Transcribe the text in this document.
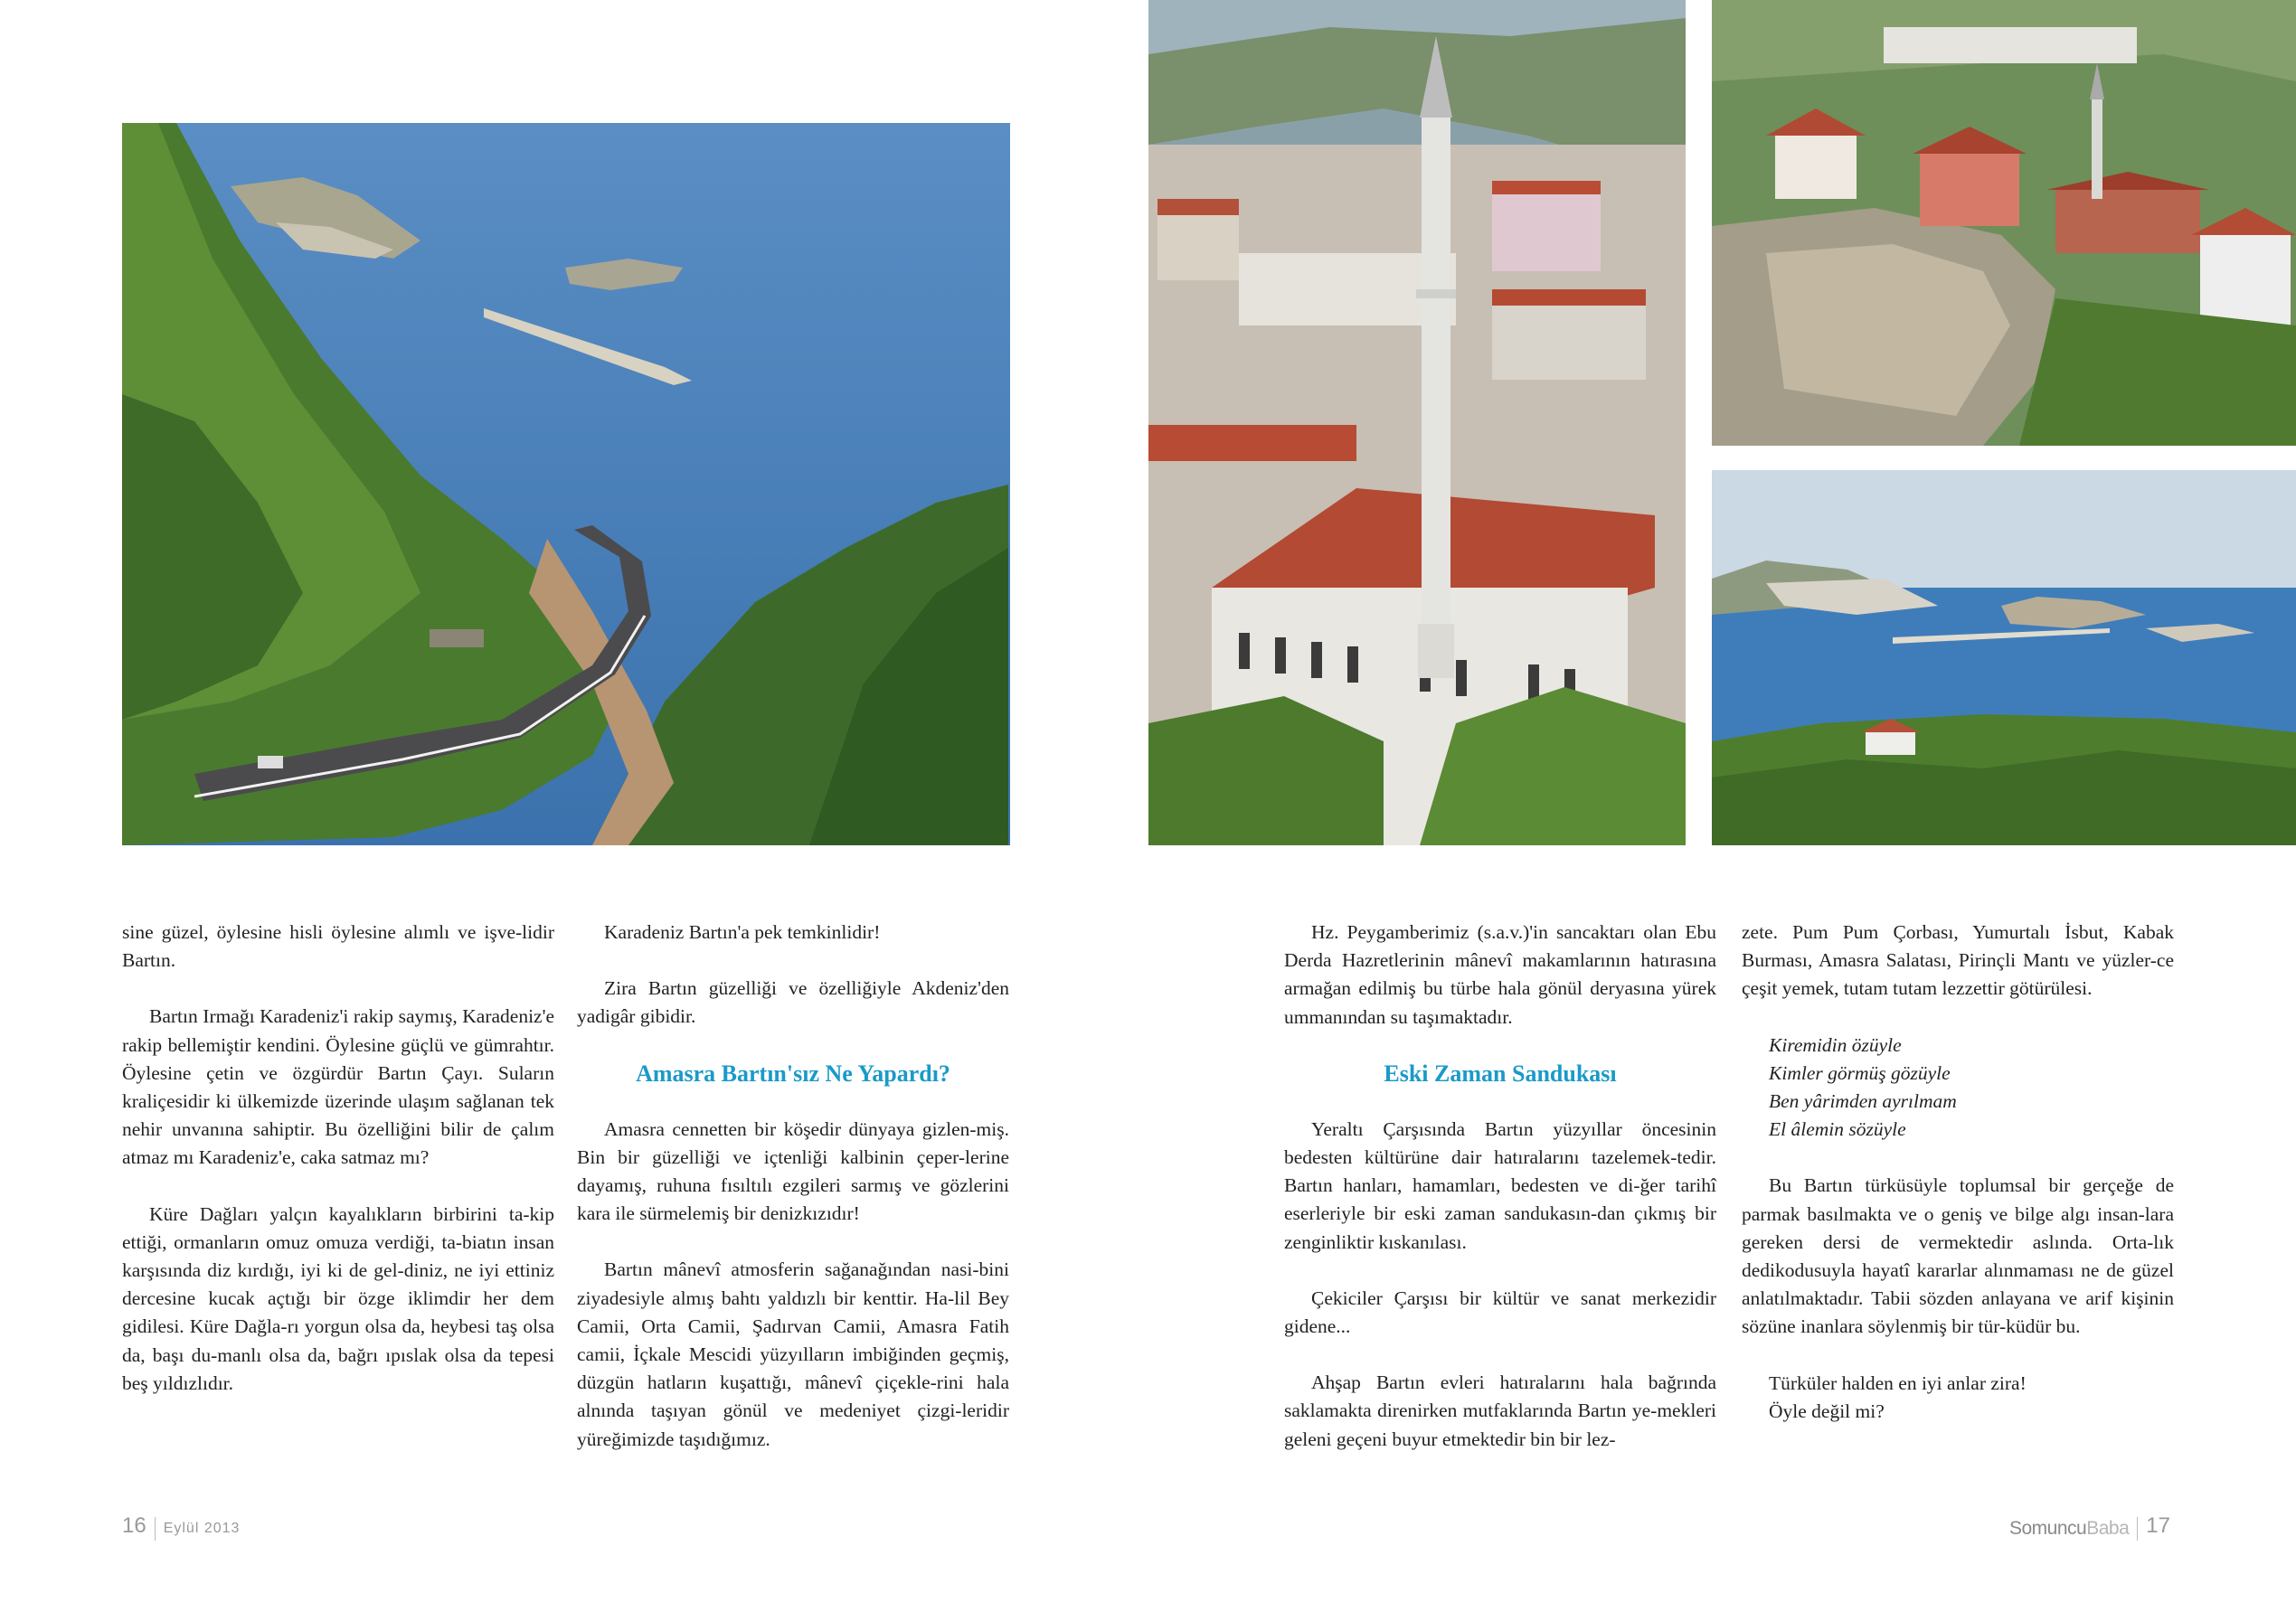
sine güzel, öylesine hisli öylesine alımlı ve işve-lidir Bartın.

Bartın Irmağı Karadeniz'i rakip saymış, Karadeniz'e rakip bellemiştir kendini. Öylesine güçlü ve gümrahtır. Öylesine çetin ve özgürdür Bartın Çayı. Suların kraliçesidir ki ülkemizde üzerinde ulaşım sağlanan tek nehir unvanına sahiptir. Bu özelliğini bilir de çalım atmaz mı Karadeniz'e, caka satmaz mı?

Küre Dağları yalçın kayalıkların birbirini ta-kip ettiği, ormanların omuz omuza verdiği, ta-biatın insan karşısında diz kırdığı, iyi ki de gel-diniz, ne iyi ettiniz dercesine kucak açtığı bir özge iklimdir her dem gidilesi. Küre Dağla-rı yorgun olsa da, heybesi taş olsa da, başı du-manlı olsa da, bağrı ıpıslak olsa da tepesi beş yıldızlıdır.

Karadeniz Bartın'a pek temkinlidir!

Zira Bartın güzelliği ve özelliğiyle Akdeniz'den yadigâr gibidir.

Amasra Bartın'sız Ne Yapardı?

Amasra cennetten bir köşedir dünyaya gizlen-miş. Bin bir güzelliği ve içtenliği kalbinin çeper-lerine dayamış, ruhuna fısıltılı ezgileri sarmış ve gözlerini kara ile sürmelemiş bir denizkızıdır!

Bartın mânevî atmosferin sağanağından nasi-bini ziyadesiyle almış bahtı yaldızlı bir kenttir. Ha-lil Bey Camii, Orta Camii, Şadırvan Camii, Amasra Fatih camii, İçkale Mescidi yüzyılların imbiğinden geçmiş, düzgün hatların kuşattığı, mânevî çiçekle-rini hala alnında taşıyan gönül ve medeniyet çizgi-leridir yüreğimizde taşıdığımız.

Hz. Peygamberimiz (s.a.v.)'in sancaktarı olan Ebu Derda Hazretlerinin mânevî makamlarının hatırasına armağan edilmiş bu türbe hala gönül deryasına yürek ummanından su taşımaktadır.

Eski Zaman Sandukası

Yeraltı Çarşısında Bartın yüzyıllar öncesinin bedesten kültürüne dair hatıralarını tazelemek-tedir. Bartın hanları, hamamları, bedesten ve di-ğer tarihî eserleriyle bir eski zaman sandukasın-dan çıkmış bir zenginliktir kıskanılası.

Çekiciler Çarşısı bir kültür ve sanat merkezidir gidene...

Ahşap Bartın evleri hatıralarını hala bağrında saklamakta direnirken mutfaklarında Bartın ye-mekleri geleni geçeni buyur etmektedir bin bir lez-

zete. Pum Pum Çorbası, Yumurtalı İsbut, Kabak Burması, Amasra Salatası, Pirinçli Mantı ve yüzler-ce çeşit yemek, tutam tutam lezzettir götürülesi.

Kiremidin özüyle
Kimler görmüş gözüyle
Ben yârimden ayrılmam
El âlemin sözüyle

Bu Bartın türküsüyle toplumsal bir gerçeğe de parmak basılmakta ve o geniş ve bilge algı insan-lara gereken dersi de vermektedir aslında. Orta-lık dedikodusuyla hayatî kararlar alınmaması ne de güzel anlatılmaktadır. Tabii sözden anlayana ve arif kişinin sözüne inanlara söylenmiş bir tür-küdür bu.

Türküler halden en iyi anlar zira!

Öyle değil mi?

16 Eylül 2013	SomuncuBaba 17
